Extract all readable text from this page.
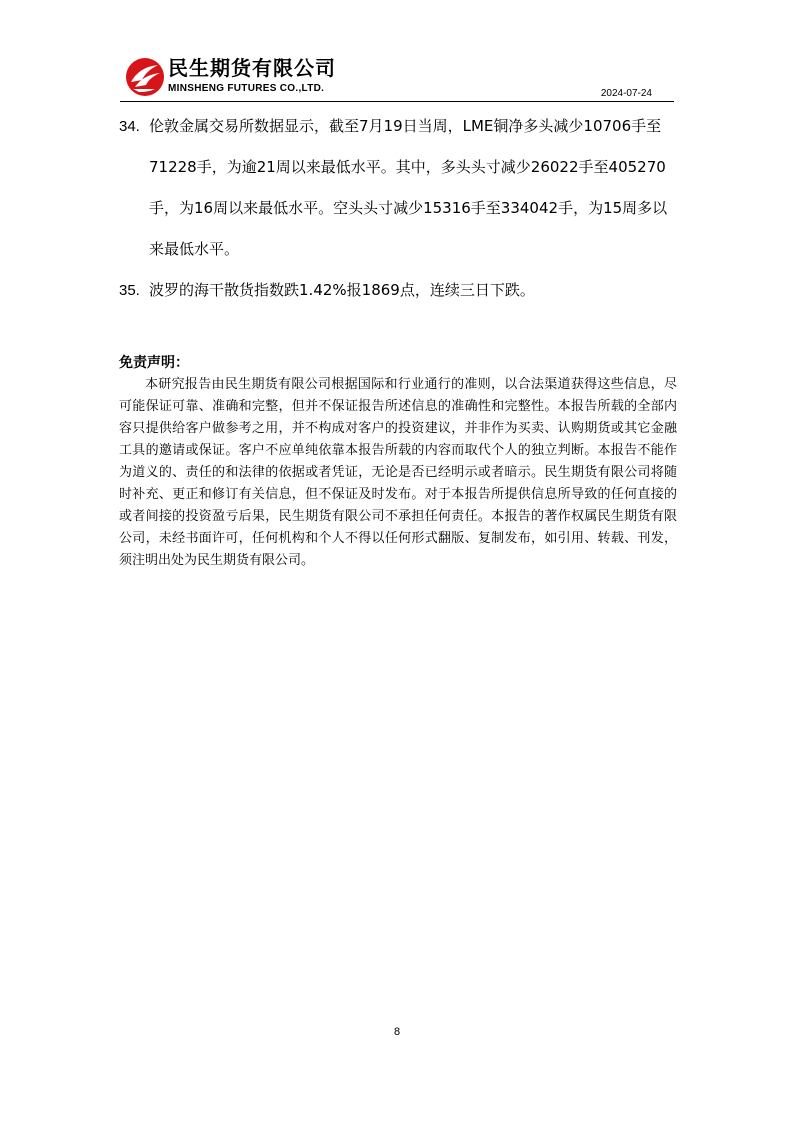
民生期货有限公司
MINSHENG FUTURES CO.,LTD.	2024-07-24
34. 伦敦金属交易所数据显示，截至7月19日当周，LME铜净多头减少10706手至71228手，为逾21周以来最低水平。其中，多头头寸减少26022手至405270手，为16周以来最低水平。空头头寸减少15316手至334042手，为15周多以来最低水平。
35. 波罗的海干散货指数跌1.42%报1869点，连续三日下跌。
免责声明：
本研究报告由民生期货有限公司根据国际和行业通行的准则，以合法渠道获得这些信息，尽可能保证可靠、准确和完整，但并不保证报告所述信息的准确性和完整性。本报告所载的全部内容只提供给客户做参考之用，并不构成对客户的投资建议，并非作为买卖、认购期货或其它金融工具的邀请或保证。客户不应单纯依靠本报告所载的内容而取代个人的独立判断。本报告不能作为道义的、责任的和法律的依据或者凭证，无论是否已经明示或者暗示。民生期货有限公司将随时补充、更正和修订有关信息，但不保证及时发布。对于本报告所提供信息所导致的任何直接的或者间接的投资盈亏后果，民生期货有限公司不承担任何责任。本报告的著作权属民生期货有限公司，未经书面许可，任何机构和个人不得以任何形式翻版、复制发布，如引用、转载、刊发，须注明出处为民生期货有限公司。
8
